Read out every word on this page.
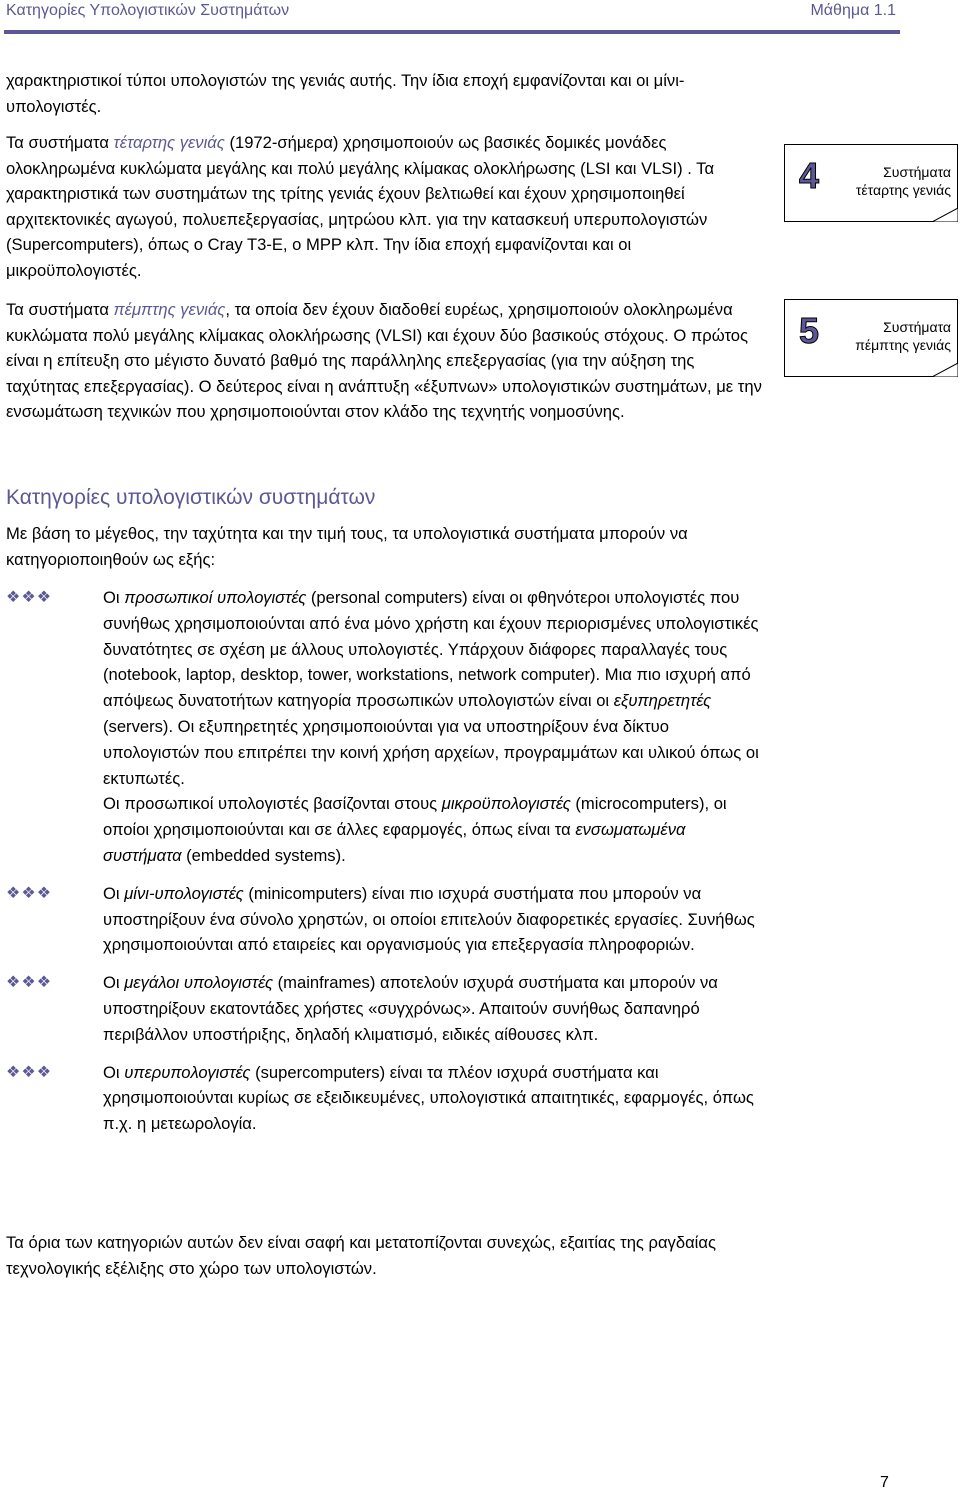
Κατηγορίες Υπολογιστικών Συστημάτων	Μάθημα 1.1

χαρακτηριστικοί τύποι υπολογιστών της γενιάς αυτής. Την ίδια εποχή εμφανίζονται και οι μίνι-υπολογιστές.

Τα συστήματα τέταρτης γενιάς (1972-σήμερα) χρησιμοποιούν ως βασικές δομικές μονάδες ολοκληρωμένα κυκλώματα μεγάλης και πολύ μεγάλης κλίμακας ολοκλήρωσης (LSI και VLSI) . Τα χαρακτηριστικά των συστημάτων της τρίτης γενιάς έχουν βελτιωθεί και έχουν χρησιμοποιηθεί αρχιτεκτονικές αγωγού, πολυεπεξεργασίας, μητρώου κλπ. για την κατασκευή υπερυπολογιστών (Supercomputers), όπως ο Cray T3-E, ο MPP κλπ. Την ίδια εποχή εμφανίζονται και οι μικροϋπολογιστές.

Τα συστήματα πέμπτης γενιάς, τα οποία δεν έχουν διαδοθεί ευρέως, χρησιμοποιούν ολοκληρωμένα κυκλώματα πολύ μεγάλης κλίμακας ολοκλήρωσης (VLSI) και έχουν δύο βασικούς στόχους. Ο πρώτος είναι η επίτευξη στο μέγιστο δυνατό βαθμό της παράλληλης επεξεργασίας (για την αύξηση της ταχύτητας επεξεργασίας). Ο δεύτερος είναι η ανάπτυξη «έξυπνων» υπολογιστικών συστημάτων, με την ενσωμάτωση τεχνικών που χρησιμοποιούνται στον κλάδο της τεχνητής νοημοσύνης.

4	Συστήματα
τέταρτης γενιάς
5	Συστήματα
πέμπτης γενιάς
Κατηγορίες υπολογιστικών συστημάτων

Με βάση το μέγεθος, την ταχύτητα και την τιμή τους, τα υπολογιστικά συστήματα μπορούν να κατηγοριοποιηθούν ως εξής:

❖❖❖	Οι προσωπικοί υπολογιστές (personal computers) είναι οι φθηνότεροι υπολογιστές που συνήθως χρησιμοποιούνται από ένα μόνο χρήστη και έχουν περιορισμένες υπολογιστικές δυνατότητες σε σχέση με άλλους υπολογιστές. Υπάρχουν διάφορες παραλλαγές τους (notebook, laptop, desktop, tower, workstations, network computer). Μια πιο ισχυρή από απόψεως δυνατοτήτων κατηγορία προσωπικών υπολογιστών είναι οι εξυπηρετητές (servers). Οι εξυπηρετητές χρησιμοποιούνται για να υποστηρίξουν ένα δίκτυο υπολογιστών που επιτρέπει την κοινή χρήση αρχείων, προγραμμάτων και υλικού όπως οι εκτυπωτές.
Οι προσωπικοί υπολογιστές βασίζονται στους μικροϋπολογιστές (microcomputers), οι οποίοι χρησιμοποιούνται και σε άλλες εφαρμογές, όπως είναι τα ενσωματωμένα συστήματα (embedded systems).
❖❖❖	Οι μίνι-υπολογιστές (minicomputers) είναι πιο ισχυρά συστήματα που μπορούν να υποστηρίξουν ένα σύνολο χρηστών, οι οποίοι επιτελούν διαφορετικές εργασίες. Συνήθως χρησιμοποιούνται από εταιρείες και οργανισμούς για επεξεργασία πληροφοριών.
❖❖❖	Οι μεγάλοι υπολογιστές (mainframes) αποτελούν ισχυρά συστήματα και μπορούν να υποστηρίξουν εκατοντάδες χρήστες «συγχρόνως». Απαιτούν συνήθως δαπανηρό περιβάλλον υποστήριξης, δηλαδή κλιματισμό, ειδικές αίθουσες κλπ.
❖❖❖	Οι υπερυπολογιστές (supercomputers) είναι τα πλέον ισχυρά συστήματα και χρησιμοποιούνται κυρίως σε εξειδικευμένες, υπολογιστικά απαιτητικές, εφαρμογές, όπως π.χ. η μετεωρολογία.

Τα όρια των κατηγοριών αυτών δεν είναι σαφή και μετατοπίζονται συνεχώς, εξαιτίας της ραγδαίας τεχνολογικής εξέλιξης στο χώρο των υπολογιστών.

7
